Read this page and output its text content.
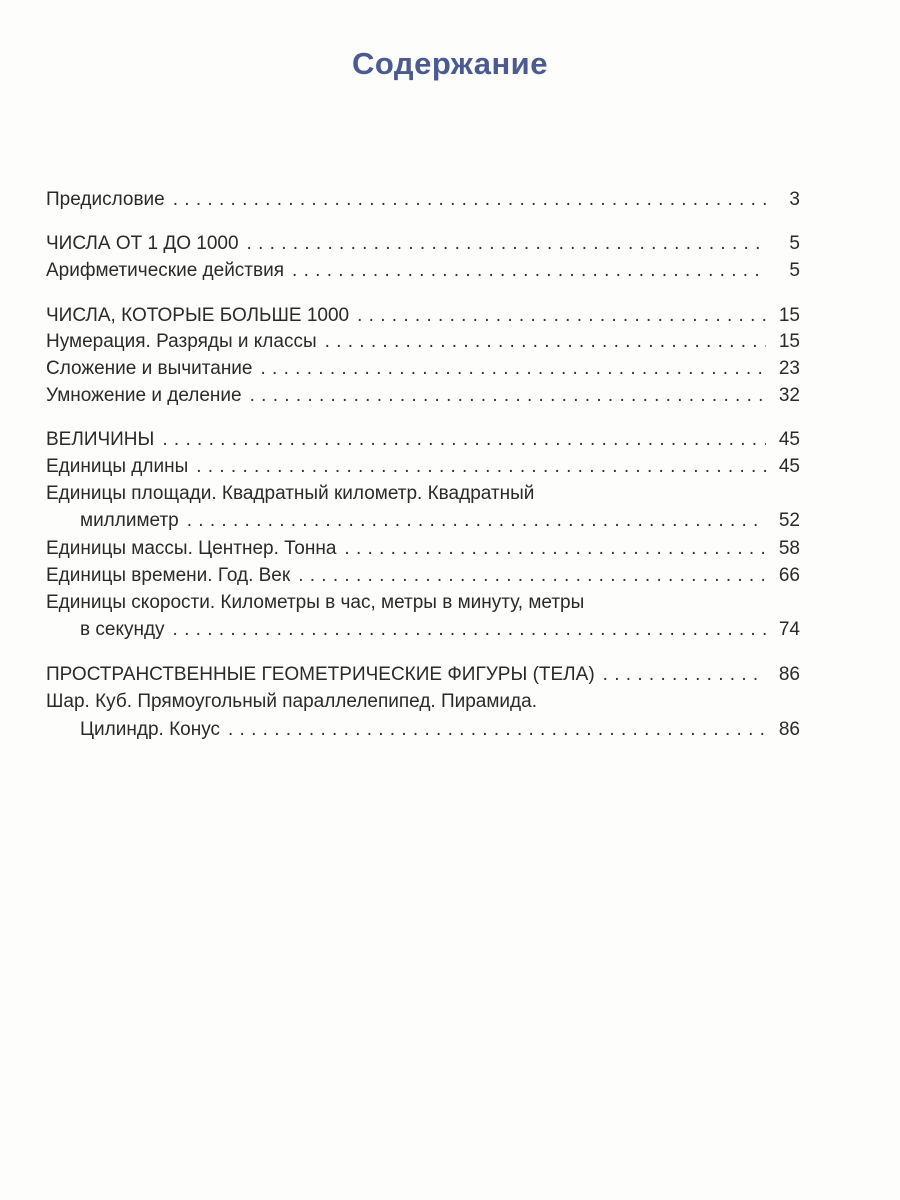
Содержание
Предисловие . . .	3
ЧИСЛА ОТ 1 ДО 1000 . . .	5
Арифметические действия . . .	5
ЧИСЛА, КОТОРЫЕ БОЛЬШЕ 1000 . . .	15
Нумерация. Разряды и классы . . .	15
Сложение и вычитание . . .	23
Умножение и деление . . .	32
ВЕЛИЧИНЫ . . .	45
Единицы длины . . .	45
Единицы площади. Квадратный километр. Квадратный
миллиметр . . .	52
Единицы массы. Центнер. Тонна . . .	58
Единицы времени. Год. Век . . .	66
Единицы скорости. Километры в час, метры в минуту, метры
в секунду . . .	74
ПРОСТРАНСТВЕННЫЕ ГЕОМЕТРИЧЕСКИЕ ФИГУРЫ (ТЕЛА) . . .	86
Шар. Куб. Прямоугольный параллелепипед. Пирамида.
Цилиндр. Конус . . .	86
